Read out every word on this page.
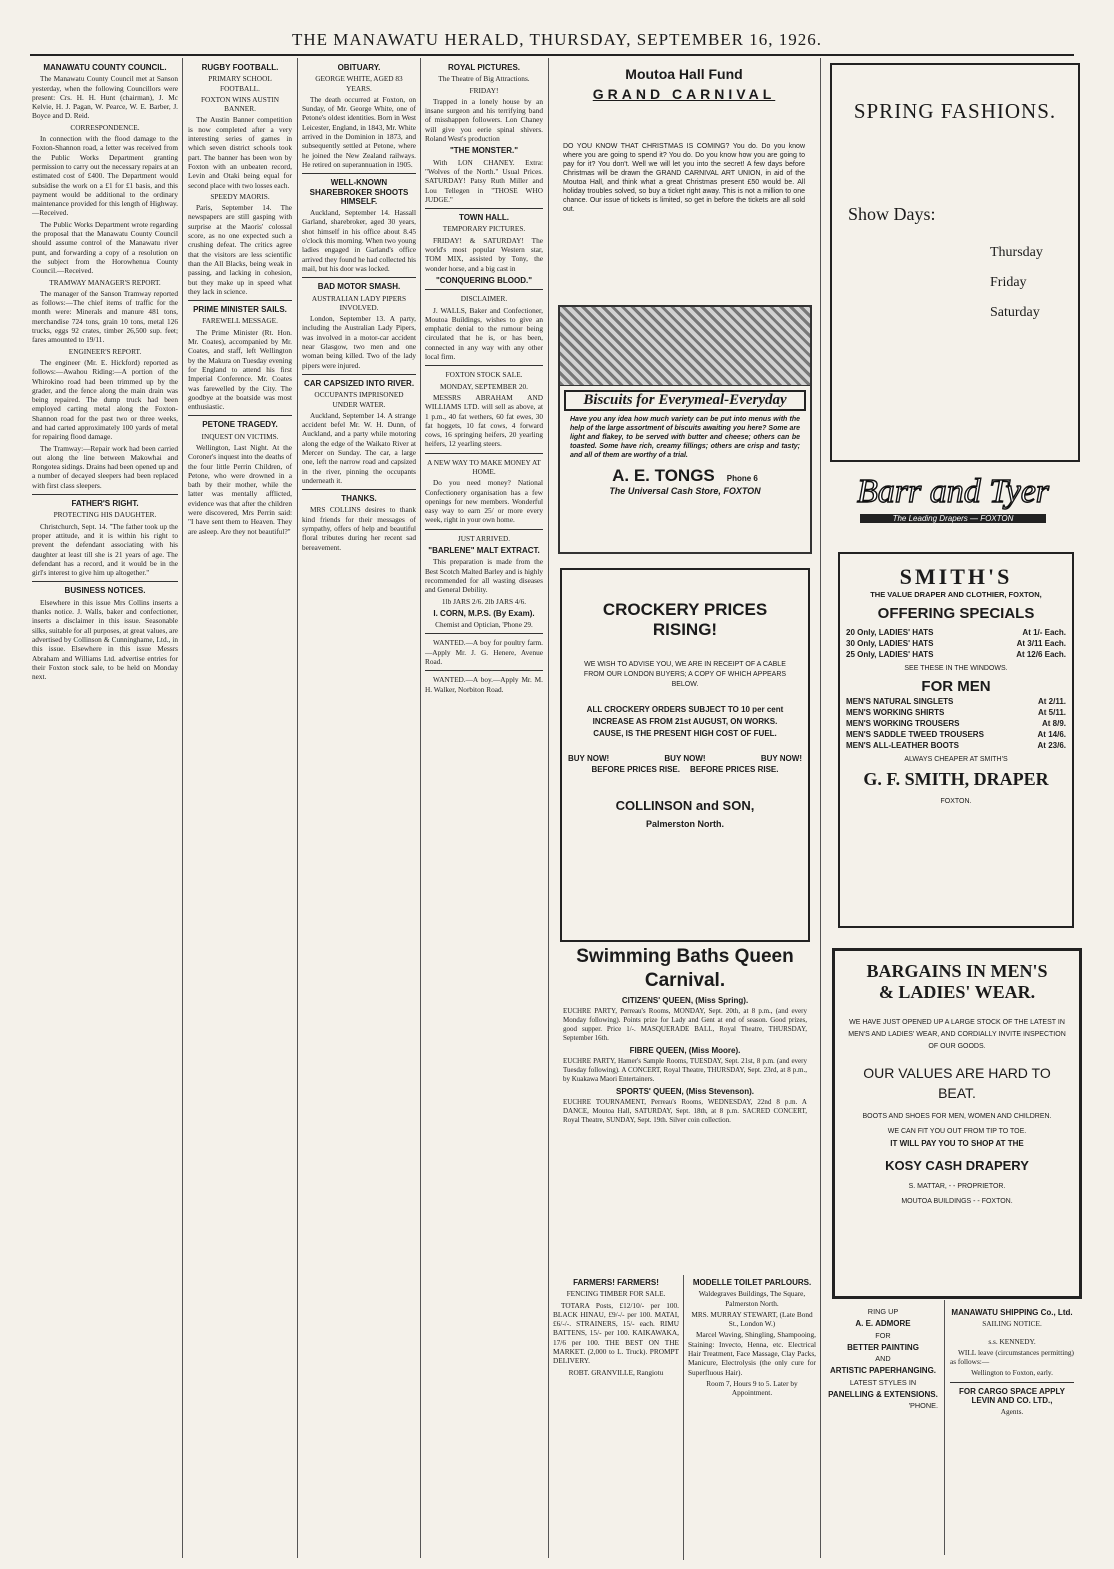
THE MANAWATU HERALD, THURSDAY, SEPTEMBER 16, 1926.
MANAWATU COUNTY COUNCIL.

The Manawatu County Council met at Sanson yesterday, when the following Councillors were present: Crs. H. H. Hunt (chairman), J. Mc Kelvie, H. J. Pagan, W. Pearce, W. E. Barber, J. Boyce and D. Reid.

CORRESPONDENCE.

In connection with the flood damage to the Foxton-Shannon road, a letter was received from the Public Works Department granting permission to carry out the necessary repairs at an estimated cost of £400. The Department would subsidise the work on a £1 for £1 basis, and this payment would be additional to the ordinary maintenance provided for this length of Highway.—Received.

The Public Works Department wrote regarding the proposal that the Manawatu County Council should assume control of the Manawatu river punt, and forwarding a copy of a resolution on the subject from the Horowhenua County Council.—Received.

TRAMWAY MANAGER'S REPORT.

The manager of the Sanson Tramway reported as follows:—The chief items of traffic for the month were: Minerals and manure 481 tons, merchandise 724 tons, grain 10 tons, metal 126 trucks, eggs 92 crates, timber 26,500 sup. feet; fares amounted to 19/11.

ENGINEER'S REPORT.

The engineer (Mr. E. Hickford) reported as follows:—Awahou Riding:—A portion of the Whirokino road had been trimmed up by the grader, and the fence along the main drain was being repaired. The dump truck had been employed carting metal along the Foxton-Shannon road for the past two or three weeks, and had carted approximately 100 yards of metal for repairing flood damage.

The Tramway:—Repair work had been carried out along the line between Makowhai and Rongotea sidings. Drains had been opened up and a number of decayed sleepers had been replaced with first class sleepers.

FATHER'S RIGHT.
PROTECTING HIS DAUGHTER.

Christchurch, Sept. 14. "The father took up the proper attitude, and it is within his right to prevent the defendant associating with his daughter at least till she is 21 years of age. The defendant has a record, and it would be in the girl's interest to give him up altogether."

BUSINESS NOTICES.

Elsewhere in this issue Mrs Collins inserts a thanks notice. J. Walls, baker and confectioner, inserts a disclaimer in this issue. Seasonable silks, suitable for all purposes, at great values, are advertised by Collinson & Cunninghame, Ltd., in this issue. Elsewhere in this issue Messrs Abraham and Williams Ltd. advertise entries for their Foxton stock sale, to be held on Monday next.

RUGBY FOOTBALL.
PRIMARY SCHOOL FOOTBALL.
FOXTON WINS AUSTIN BANNER.

The Austin Banner competition is now completed after a very interesting series of games in which seven district schools took part. The banner has been won by Foxton with an unbeaten record, Levin and Otaki being equal for second place with two losses each.

SPEEDY MAORIS.

Paris, September 14. The newspapers are still gasping with surprise at the Maoris' colossal score, as no one expected such a crushing defeat. The critics agree that the visitors are less scientific than the All Blacks, being weak in passing, and lacking in cohesion, but they make up in speed what they lack in science.

PRIME MINISTER SAILS.
FAREWELL MESSAGE.

The Prime Minister (Rt. Hon. Mr. Coates), accompanied by Mr. Coates, and staff, left Wellington by the Makura on Tuesday evening for England to attend his first Imperial Conference. Mr. Coates was farewelled by the City. The goodbye at the boatside was most enthusiastic.

PETONE TRAGEDY.
INQUEST ON VICTIMS.

Wellington, Last Night. At the Coroner's inquest into the deaths of the four little Perrin Children, of Petone, who were drowned in a bath by their mother, while the latter was mentally afflicted, evidence was that after the children were discovered, Mrs Perrin said: "I have sent them to Heaven. They are asleep. Are they not beautiful?"

OBITUARY.
GEORGE WHITE, AGED 83 YEARS.

The death occurred at Foxton, on Sunday, of Mr. George White, one of Petone's oldest identities. Born in West Leicester, England, in 1843, Mr. White arrived in the Dominion in 1873, and subsequently settled at Petone, where he joined the New Zealand railways. He retired on superannuation in 1905.

WELL-KNOWN SHAREBROKER SHOOTS HIMSELF.

Auckland, September 14. Hassall Garland, sharebroker, aged 30 years, shot himself in his office about 8.45 o'clock this morning. When two young ladies engaged in Garland's office arrived they found he had collected his mail, but his door was locked.

BAD MOTOR SMASH.
AUSTRALIAN LADY PIPERS INVOLVED.

London, September 13. A party, including the Australian Lady Pipers, was involved in a motor-car accident near Glasgow, two men and one woman being killed. Two of the lady pipers were injured.

CAR CAPSIZED INTO RIVER.
OCCUPANTS IMPRISONED UNDER WATER.

Auckland, September 14. A strange accident befel Mr. W. H. Dunn, of Auckland, and a party while motoring along the edge of the Waikato River at Mercer on Sunday. The car, a large one, left the narrow road and capsized in the river, pinning the occupants underneath it.

THANKS.

MRS COLLINS desires to thank kind friends for their messages of sympathy, offers of help and beautiful floral tributes during her recent sad bereavement.

ROYAL PICTURES.
The Theatre of Big Attractions.
FRIDAY!

Trapped in a lonely house by an insane surgeon and his terrifying band of misshappen followers. Lon Chaney will give you eerie spinal shivers. Roland West's production

"THE MONSTER."

With LON CHANEY. Extra: "Wolves of the North." Usual Prices. SATURDAY! Patsy Ruth Miller and Lou Tellegen in "THOSE WHO JUDGE."

TOWN HALL.
TEMPORARY PICTURES.

FRIDAY! & SATURDAY! The world's most popular Western star, TOM MIX, assisted by Tony, the wonder horse, and a big cast in

"CONQUERING BLOOD."
DISCLAIMER.

J. WALLS, Baker and Confectioner, Moutoa Buildings, wishes to give an emphatic denial to the rumour being circulated that he is, or has been, connected in any way with any other local firm.

FOXTON STOCK SALE.
MONDAY, SEPTEMBER 20.

MESSRS ABRAHAM AND WILLIAMS LTD. will sell as above, at 1 p.m., 40 fat wethers, 60 fat ewes, 30 fat hoggets, 10 fat cows, 4 forward cows, 16 springing heifers, 20 yearling heifers, 12 yearling steers.

A NEW WAY TO MAKE MONEY AT HOME.

Do you need money? National Confectionery organisation has a few openings for new members. Wonderful easy way to earn 25/ or more every week, right in your own home.

JUST ARRIVED.
"BARLENE" MALT EXTRACT.

This preparation is made from the Best Scotch Malted Barley and is highly recommended for all wasting diseases and General Debility.

1lb JARS 2/6. 2lb JARS 4/6.
I. CORN, M.P.S. (By Exam).
Chemist and Optician, 'Phone 29.

WANTED.—A boy for poultry farm.—Apply Mr. J. G. Henere, Avenue Road.

WANTED.—A boy.—Apply Mr. M. H. Walker, Norbiton Road.

Moutoa Hall Fund
GRAND CARNIVAL
DO YOU KNOW THAT CHRISTMAS IS COMING? You do. Do you know where you are going to spend it? You do. Do you know how you are going to pay for it? You don't. Well we will let you into the secret! A few days before Christmas will be drawn the GRAND CARNIVAL ART UNION, in aid of the Moutoa Hall, and think what a great Christmas present £50 would be. All holiday troubles solved, so buy a ticket right away. This is not a million to one chance. Our issue of tickets is limited, so get in before the tickets are all sold out.
Biscuits for Everymeal-Everyday
Have you any idea how much variety can be put into menus with the help of the large assortment of biscuits awaiting you here? Some are light and flakey, to be served with butter and cheese; others can be toasted. Some have rich, creamy fillings; others are crisp and tasty; and all of them are worthy of a trial.
A. E. TONGS Phone 6
The Universal Cash Store, FOXTON
CROCKERY PRICES
RISING!
WE WISH TO ADVISE YOU, WE ARE IN RECEIPT OF A CABLE FROM OUR LONDON BUYERS; A COPY OF WHICH APPEARS BELOW.
ALL CROCKERY ORDERS SUBJECT TO 10 per cent INCREASE AS FROM 21st AUGUST, ON WORKS. CAUSE, IS THE PRESENT HIGH COST OF FUEL.
BUY NOW!	BUY NOW!	BUY NOW!
BEFORE PRICES RISE. BEFORE PRICES RISE.
COLLINSON and SON,
Palmerston North.
Swimming Baths Queen Carnival.
CITIZENS' QUEEN, (Miss Spring).
EUCHRE PARTY, Perreau's Rooms, MONDAY, Sept. 20th, at 8 p.m., (and every Monday following). Points prize for Lady and Gent at end of season. Good prizes, good supper. Price 1/-. MASQUERADE BALL, Royal Theatre, THURSDAY, September 16th.
FIBRE QUEEN, (Miss Moore).
EUCHRE PARTY, Hamer's Sample Rooms, TUESDAY, Sept. 21st, 8 p.m. (and every Tuesday following). A CONCERT, Royal Theatre, THURSDAY, Sept. 23rd, at 8 p.m., by Kuakawa Maori Entertainers.
SPORTS' QUEEN, (Miss Stevenson).
EUCHRE TOURNAMENT, Perreau's Rooms, WEDNESDAY, 22nd 8 p.m. A DANCE, Moutoa Hall, SATURDAY, Sept. 18th, at 8 p.m. SACRED CONCERT, Royal Theatre, SUNDAY, Sept. 19th. Silver coin collection.
FARMERS! FARMERS!
FENCING TIMBER FOR SALE.

TOTARA Posts, £12/10/- per 100. BLACK HINAU, £9/-/- per 100. MATAI, £6/-/-. STRAINERS, 15/- each. RIMU BATTENS, 15/- per 100. KAIKAWAKA, 17/6 per 100. THE BEST ON THE MARKET. (2,000 to L. Truck). PROMPT DELIVERY.

ROBT. GRANVILLE, Rangiotu
MODELLE TOILET PARLOURS.
Waldegraves Buildings, The Square, Palmerston North.
MRS. MURRAY STEWART, (Late Bond St., London W.)

Marcel Waving, Shingling, Shampooing, Staining: Invecto, Henna, etc. Electrical Hair Treatment, Face Massage, Clay Packs, Manicure, Electrolysis (the only cure for Superfluous Hair).

Room 7, Hours 9 to 5. Later by Appointment.
SPRING FASHIONS.
Show Days:
Thursday
Friday
Saturday
Barr and Tyer
The Leading Drapers — FOXTON
SMITH'S
THE VALUE DRAPER AND CLOTHIER, FOXTON,
OFFERING SPECIALS
20 Only, LADIES' HATS	At 1/- Each.
30 Only, LADIES' HATS	At 3/11 Each.
25 Only, LADIES' HATS	At 12/6 Each.
SEE THESE IN THE WINDOWS.
FOR MEN
MEN'S NATURAL SINGLETS	At 2/11.
MEN'S WORKING SHIRTS	At 5/11.
MEN'S WORKING TROUSERS	At 8/9.
MEN'S SADDLE TWEED TROUSERS	At 14/6.
MEN'S ALL-LEATHER BOOTS	At 23/6.
ALWAYS CHEAPER AT SMITH'S
G. F. SMITH, DRAPER
FOXTON.
BARGAINS IN MEN'S
& LADIES' WEAR.
WE HAVE JUST OPENED UP A LARGE STOCK OF THE LATEST IN MEN'S AND LADIES' WEAR, AND CORDIALLY INVITE INSPECTION OF OUR GOODS.
OUR VALUES ARE HARD TO BEAT.
BOOTS AND SHOES FOR MEN, WOMEN AND CHILDREN.
WE CAN FIT YOU OUT FROM TIP TO TOE.
IT WILL PAY YOU TO SHOP AT THE
KOSY CASH DRAPERY
S. MATTAR, - - PROPRIETOR.
MOUTOA BUILDINGS - - FOXTON.
RING UP
A. E. ADMORE
FOR
BETTER PAINTING
AND
ARTISTIC PAPERHANGING.
LATEST STYLES IN
PANELLING & EXTENSIONS.
'PHONE.
MANAWATU SHIPPING Co., Ltd.
SAILING NOTICE.
s.s. KENNEDY.

WILL leave (circumstances permitting) as follows:—

Wellington to Foxton, early.
FOR CARGO SPACE APPLY LEVIN AND CO. LTD.,
Agents.
